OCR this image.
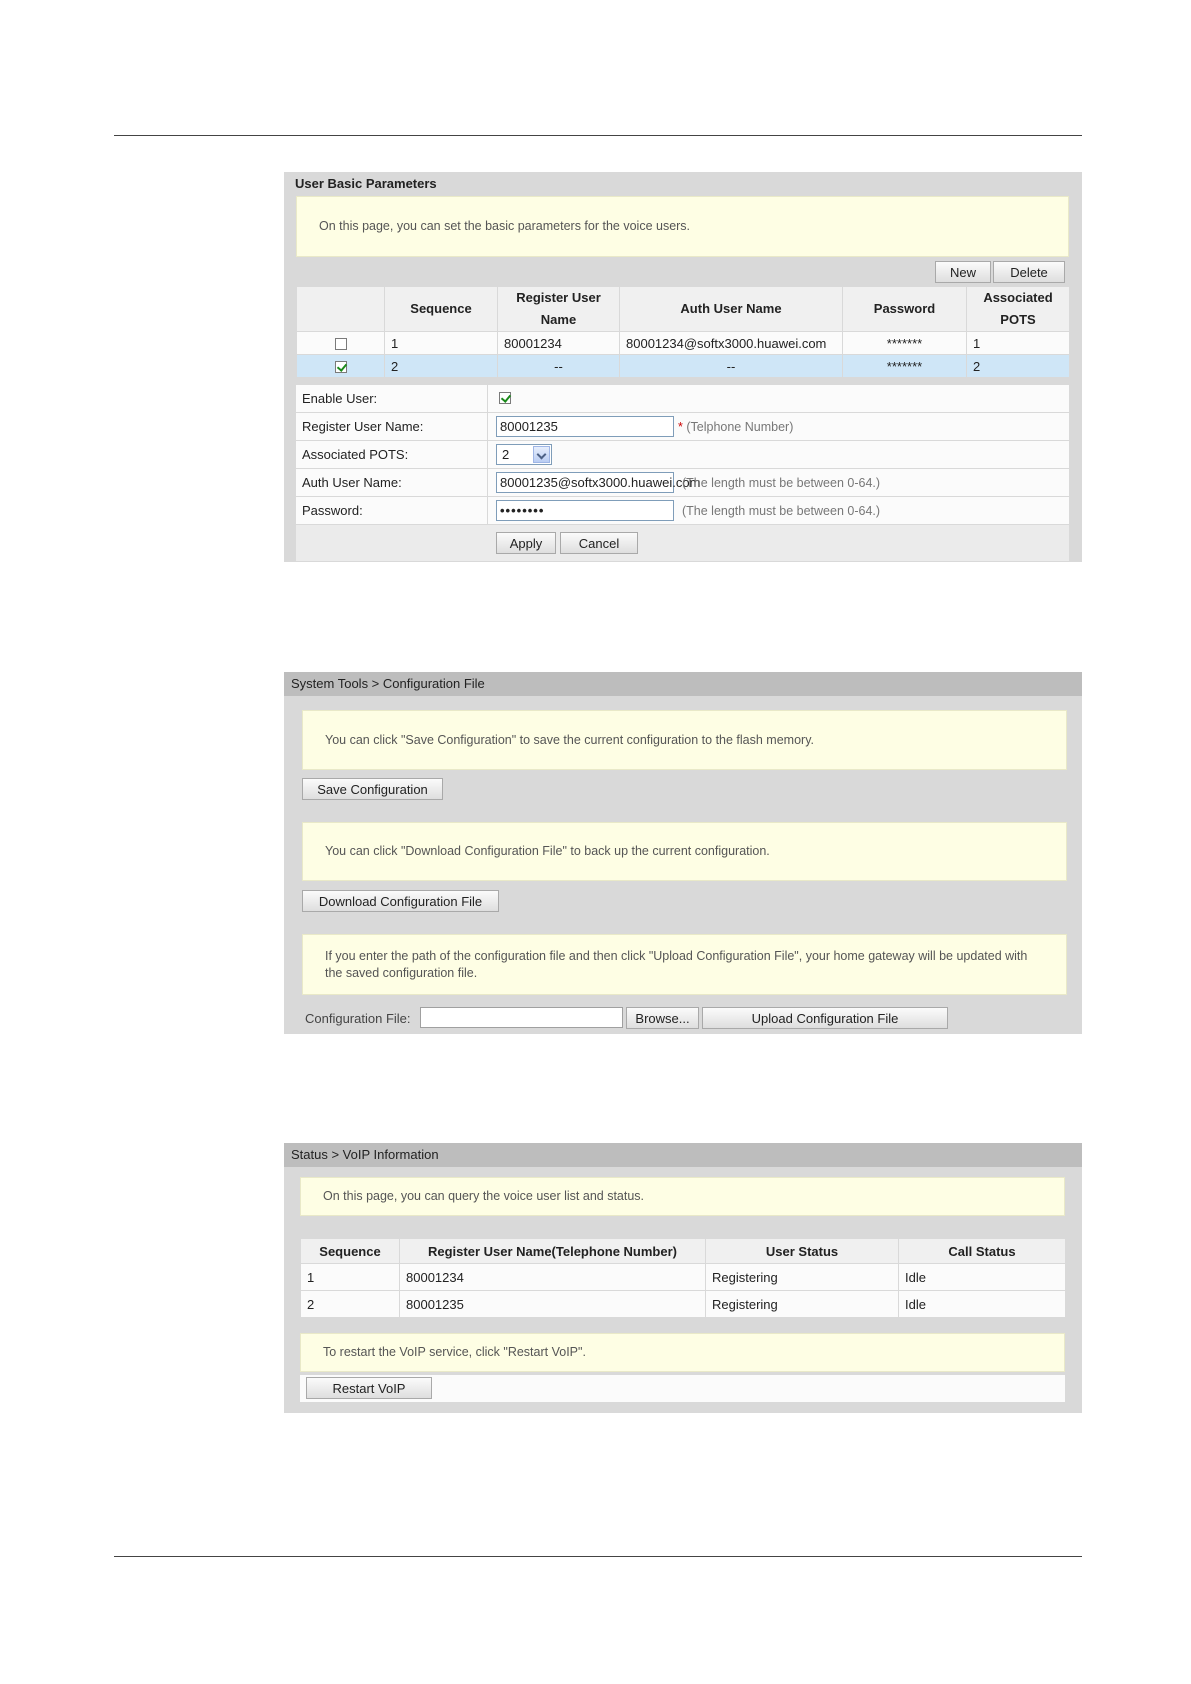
User Basic Parameters
On this page, you can set the basic parameters for the voice users.
New	Delete
	Sequence	Register User Name	Auth User Name	Password	Associated POTS
	1	80001234	80001234@softx3000.huawei.com	*******	1
	2	--	--	*******	2
Enable User:
Register User Name:	80001235	* (Telphone Number)
Associated POTS:	2
Auth User Name:	80001235@softx3000.huawei.com
(The length must be between 0-64.)
Password:	••••••••	(The length must be between 0-64.)
Apply	Cancel
System Tools > Configuration File
You can click "Save Configuration" to save the current configuration to the flash memory.
Save Configuration
You can click "Download Configuration File" to back up the current configuration.
Download Configuration File
If you enter the path of the configuration file and then click "Upload Configuration File", your home gateway will be updated with the saved configuration file.
Configuration File:	Browse...	Upload Configuration File
Status > VoIP Information
On this page, you can query the voice user list and status.
Sequence	Register User Name(Telephone Number)	User Status	Call Status
1	80001234	Registering	Idle
2	80001235	Registering	Idle
To restart the VoIP service, click "Restart VoIP".
Restart VoIP
